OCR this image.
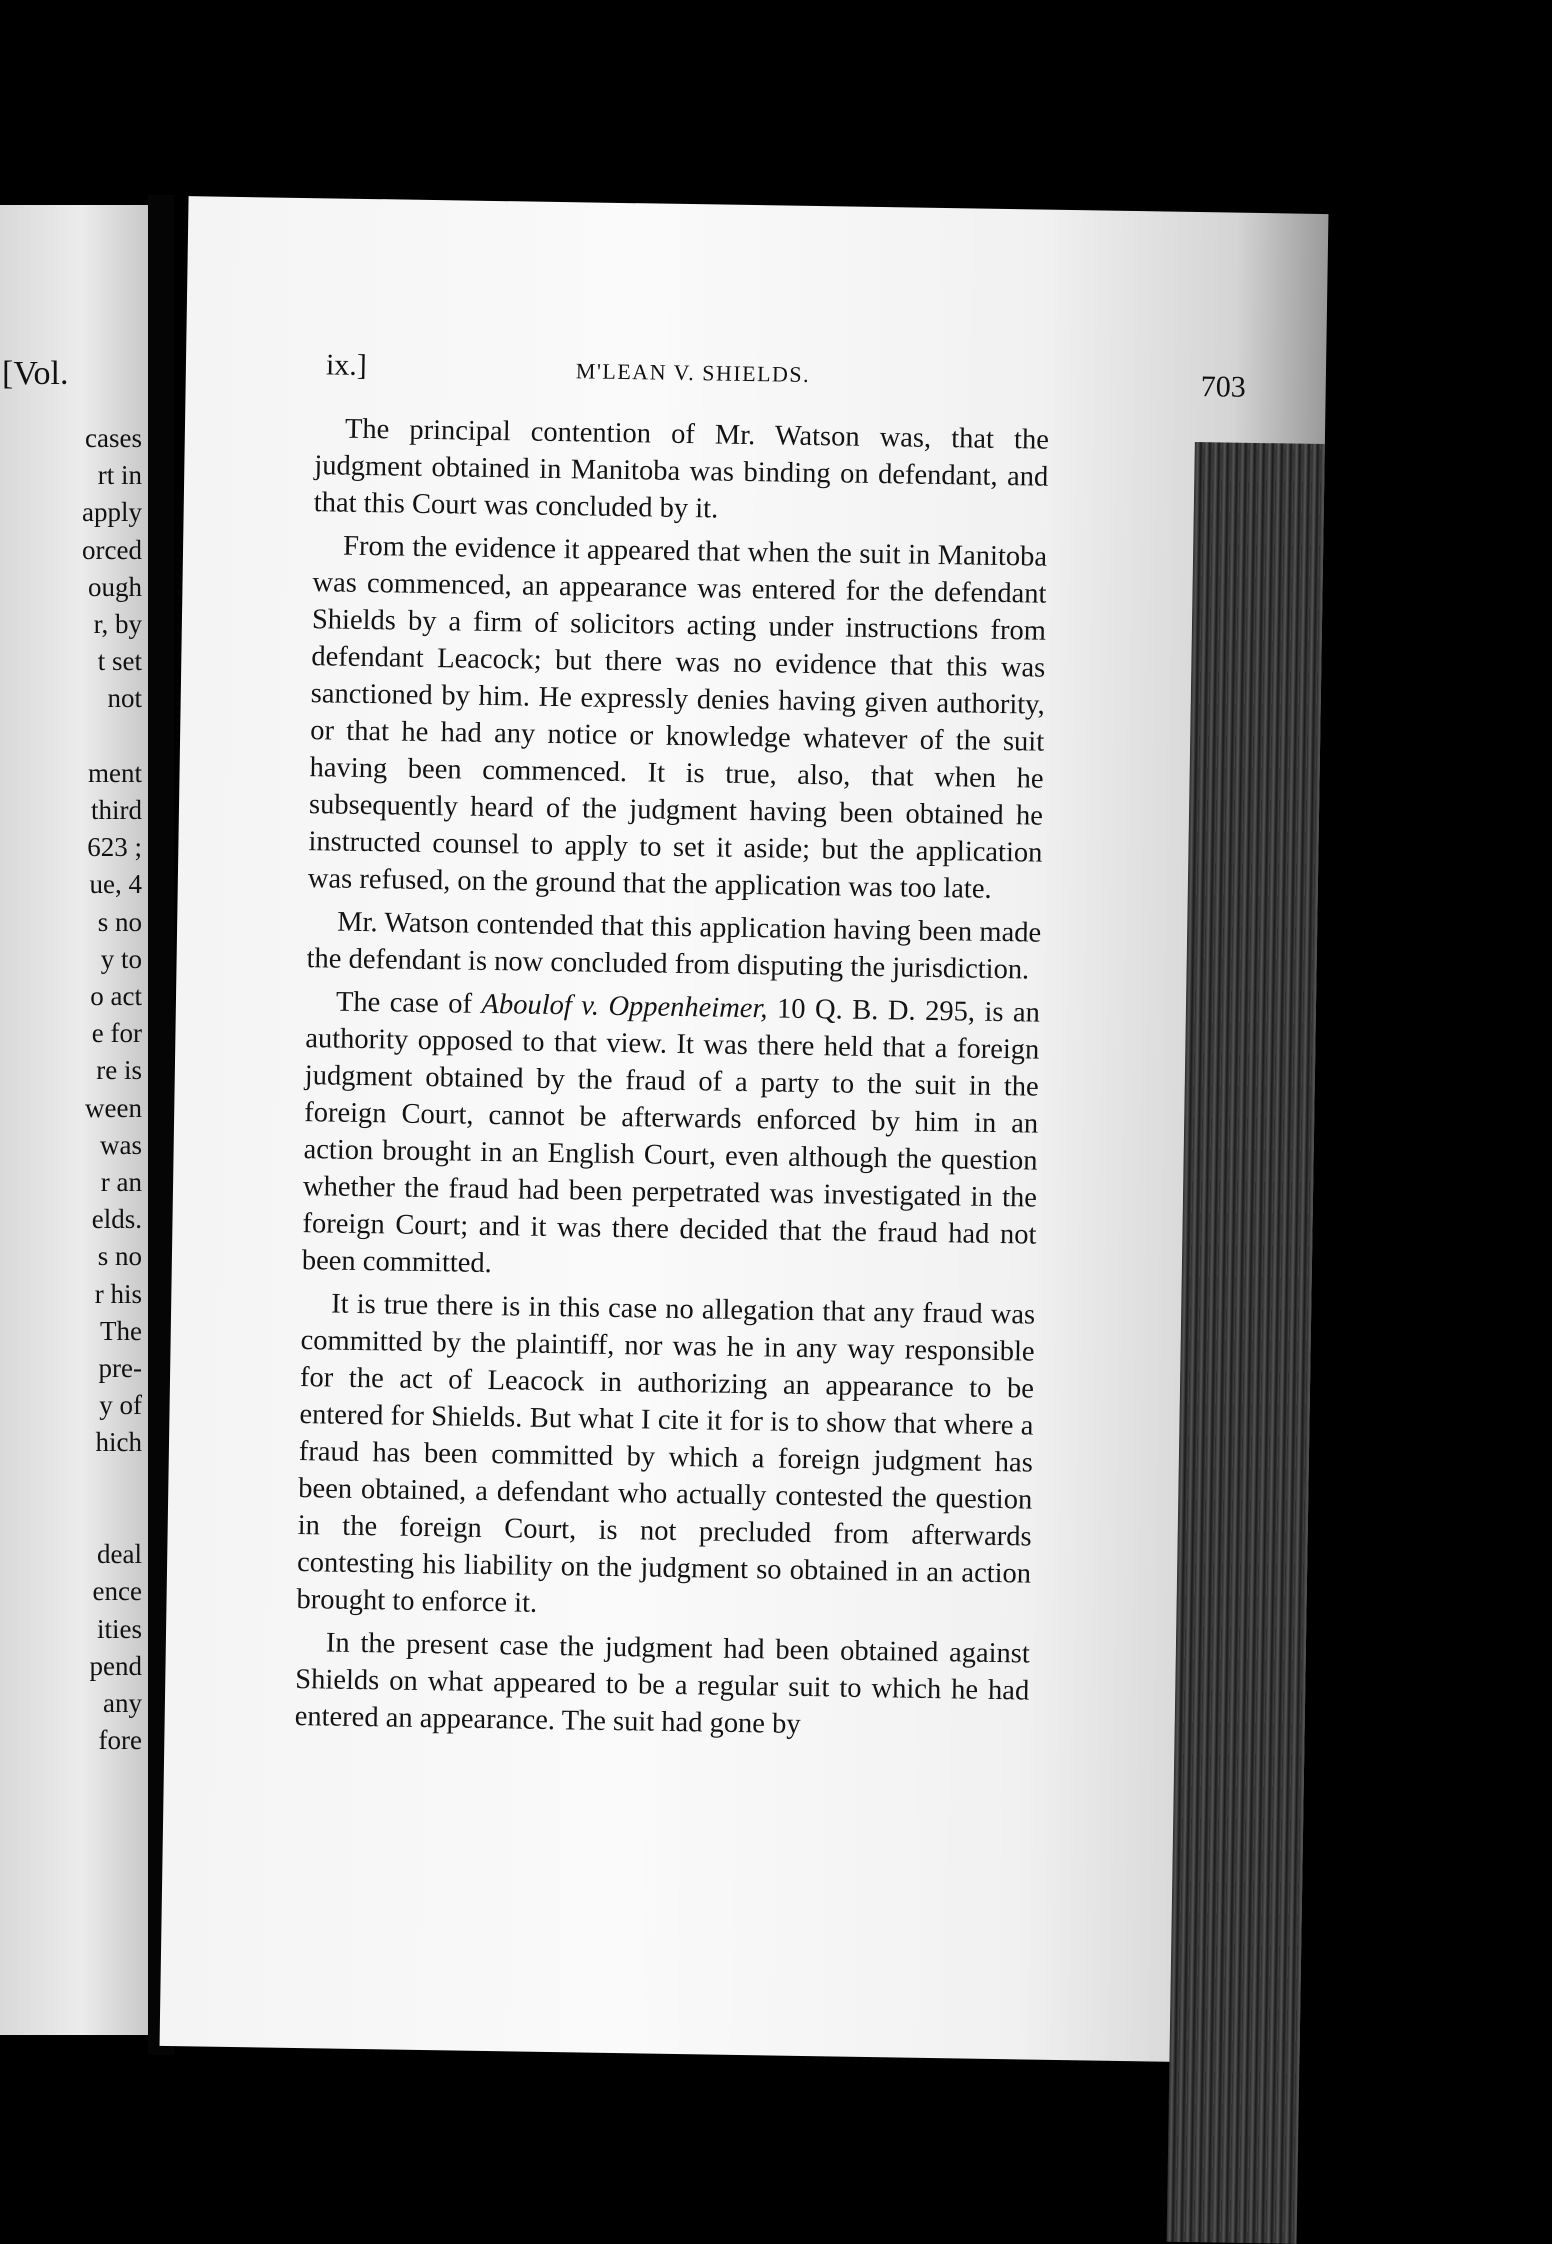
[Vol.
cases
rt in
apply
orced
ough
r, by
t set
not

ment
third
623 ;
ue, 4
s no
y to
o act
e for
re is
ween
was
r an
elds.
s no
r his
The
pre-
y of
hich

deal
ence
ities
pend
any
fore
ix.]	M'LEAN V. SHIELDS.	703

The principal contention of Mr. Watson was, that the judgment obtained in Manitoba was binding on defendant, and that this Court was concluded by it.

From the evidence it appeared that when the suit in Manitoba was commenced, an appearance was entered for the defendant Shields by a firm of solicitors acting under instructions from defendant Leacock; but there was no evidence that this was sanctioned by him. He expressly denies having given authority, or that he had any notice or knowledge whatever of the suit having been commenced. It is true, also, that when he subsequently heard of the judgment having been obtained he instructed counsel to apply to set it aside; but the application was refused, on the ground that the application was too late.

Mr. Watson contended that this application having been made the defendant is now concluded from disputing the jurisdiction.

The case of Aboulof v. Oppenheimer, 10 Q. B. D. 295, is an authority opposed to that view. It was there held that a foreign judgment obtained by the fraud of a party to the suit in the foreign Court, cannot be afterwards enforced by him in an action brought in an English Court, even although the question whether the fraud had been perpetrated was investigated in the foreign Court; and it was there decided that the fraud had not been committed.

It is true there is in this case no allegation that any fraud was committed by the plaintiff, nor was he in any way responsible for the act of Leacock in authorizing an appearance to be entered for Shields. But what I cite it for is to show that where a fraud has been committed by which a foreign judgment has been obtained, a defendant who actually contested the question in the foreign Court, is not precluded from afterwards contesting his liability on the judgment so obtained in an action brought to enforce it.

In the present case the judgment had been obtained against Shields on what appeared to be a regular suit to which he had entered an appearance. The suit had gone by
